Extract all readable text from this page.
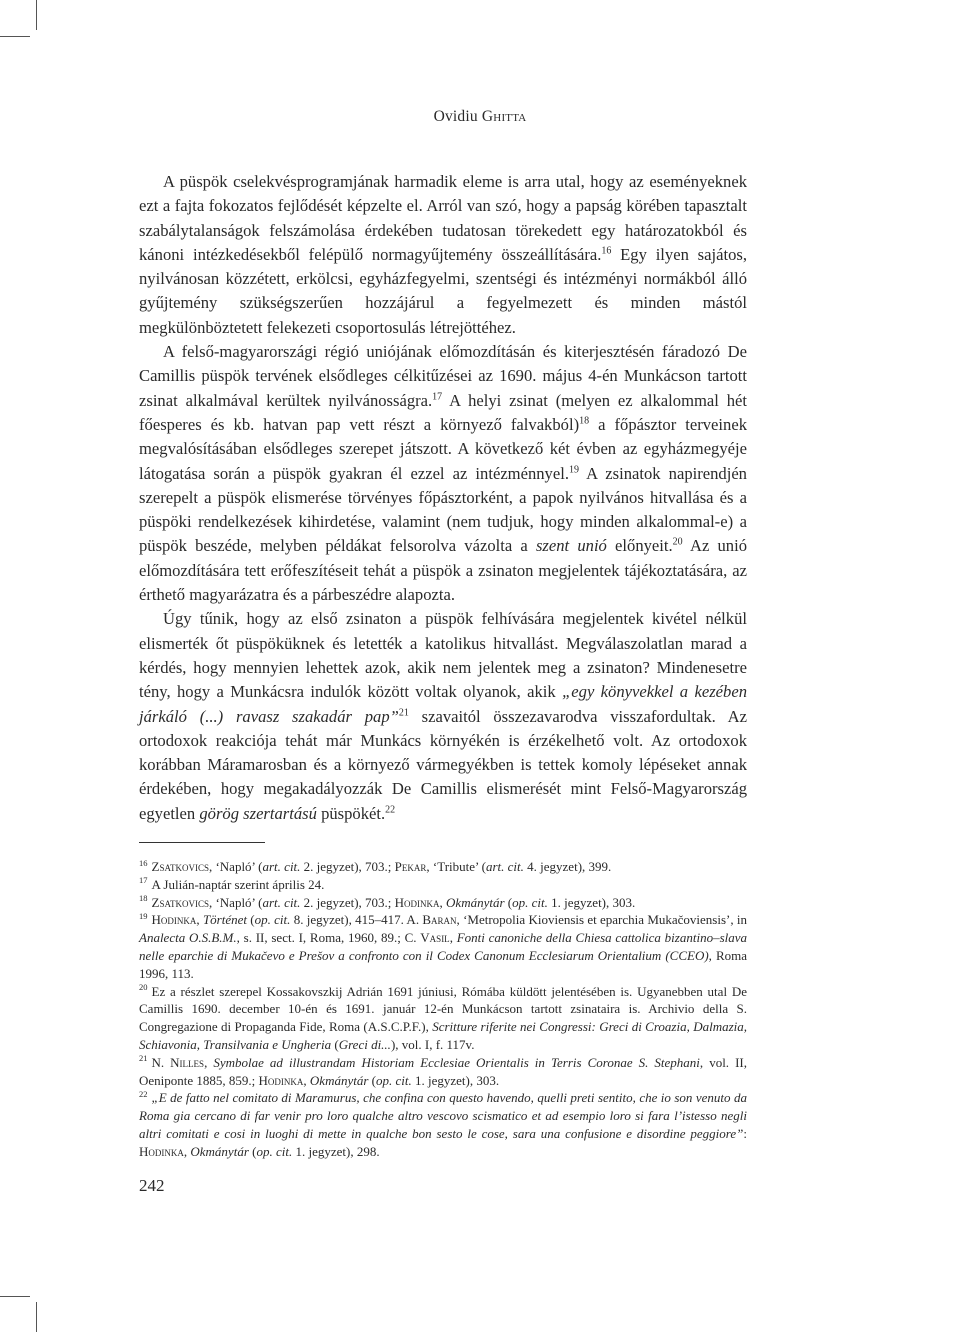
Ovidiu Ghitta

A püspök cselekvésprogramjának harmadik eleme is arra utal, hogy az eseményeknek ezt a fajta fokozatos fejlődését képzelte el. Arról van szó, hogy a papság körében tapasztalt szabálytalanságok felszámolása érdekében tudatosan törekedett egy határozatokból és kánoni intézkedésekből felépülő normagyűjtemény összeállítására.$^{16}$ Egy ilyen sajátos, nyilvánosan közzétett, erkölcsi, egyházfegyelmi, szentségi és intézményi normákból álló gyűjtemény szükségszerűen hozzájárul a fegyelmezett és minden mástól megkülönböztetett felekezeti csoportosulás létrejöttéhez.

A felső-magyarországi régió uniójának előmozdításán és kiterjesztésén fáradozó De Camillis püspök tervének elsődleges célkitűzései az 1690. május 4-én Munkácson tartott zsinat alkalmával kerültek nyilvánosságra.$^{17}$ A helyi zsinat (melyen ez alkalommal hét főesperes és kb. hatvan pap vett részt a környező falvakból)$^{18}$ a főpásztor terveinek megvalósításában elsődleges szerepet játszott. A következő két évben az egyházmegyéje látogatása során a püspök gyakran él ezzel az intézménnyel.$^{19}$ A zsinatok napirendjén szerepelt a püspök elismerése törvényes főpásztorként, a papok nyilvános hitvallása és a püspöki rendelkezések kihirdetése, valamint (nem tudjuk, hogy minden alkalommal-e) a püspök beszéde, melyben példákat felsorolva vázolta a szent unió előnyeit.$^{20}$ Az unió előmozdítására tett erőfeszítéseit tehát a püspök a zsinaton megjelentek tájékoztatására, az érthető magyarázatra és a párbeszédre alapozta.

Úgy tűnik, hogy az első zsinaton a püspök felhívására megjelentek kivétel nélkül elismerték őt püspöküknek és letették a katolikus hitvallást. Megválaszolatlan marad a kérdés, hogy mennyien lehettek azok, akik nem jelentek meg a zsinaton? Mindenesetre tény, hogy a Munkácsra indulók között voltak olyanok, akik „egy könyvekkel a kezében járkáló (...) ravasz szakadár pap”$^{21}$ szavaitól összezavarodva visszafordultak. Az ortodoxok reakciója tehát már Munkács környékén is érzékelhető volt. Az ortodoxok korábban Máramarosban és a környező vármegyékben is tettek komoly lépéseket annak érdekében, hogy megakadályozzák De Camillis elismerését mint Felső-Magyarország egyetlen görög szertartású püspökét.$^{22}$

$^{16}$ Zsatkovics, ‘Napló’ (art. cit. 2. jegyzet), 703.; Pekar, ‘Tribute’ (art. cit. 4. jegyzet), 399.

$^{17}$ A Julián-naptár szerint április 24.

$^{18}$ Zsatkovics, ‘Napló’ (art. cit. 2. jegyzet), 703.; Hodinka, Okmánytár (op. cit. 1. jegyzet), 303.

$^{19}$ Hodinka, Történet (op. cit. 8. jegyzet), 415–417. A. Baran, ‘Metropolia Kioviensis et eparchia Mukačoviensis’, in Analecta O.S.B.M., s. II, sect. I, Roma, 1960, 89.; C. Vasil, Fonti canoniche della Chiesa cattolica bizantino–slava nelle eparchie di Mukačevo e Prešov a confronto con il Codex Canonum Ecclesiarum Orientalium (CCEO), Roma 1996, 113.

$^{20}$ Ez a részlet szerepel Kossakovszkij Adrián 1691 júniusi, Rómába küldött jelentésében is. Ugyanebben utal De Camillis 1690. december 10-én és 1691. január 12-én Munkácson tartott zsinataira is. Archivio della S. Congregazione di Propaganda Fide, Roma (A.S.C.P.F.), Scritture riferite nei Congressi: Greci di Croazia, Dalmazia, Schiavonia, Transilvania e Ungheria (Greci di...), vol. I, f. 117v.

$^{21}$ N. Nilles, Symbolae ad illustrandam Historiam Ecclesiae Orientalis in Terris Coronae S. Stephani, vol. II, Oeniponte 1885, 859.; Hodinka, Okmánytár (op. cit. 1. jegyzet), 303.

$^{22}$ „E de fatto nel comitato di Maramurus, che confina con questo havendo, quelli preti sentito, che io son venuto da Roma gia cercano di far venir pro loro qualche altro vescovo scismatico et ad esempio loro si fara l’istesso negli altri comitati e cosi in luoghi di mette in qualche bon sesto le cose, sara una confusione e disordine peggiore”: Hodinka, Okmánytár (op. cit. 1. jegyzet), 298.

242
